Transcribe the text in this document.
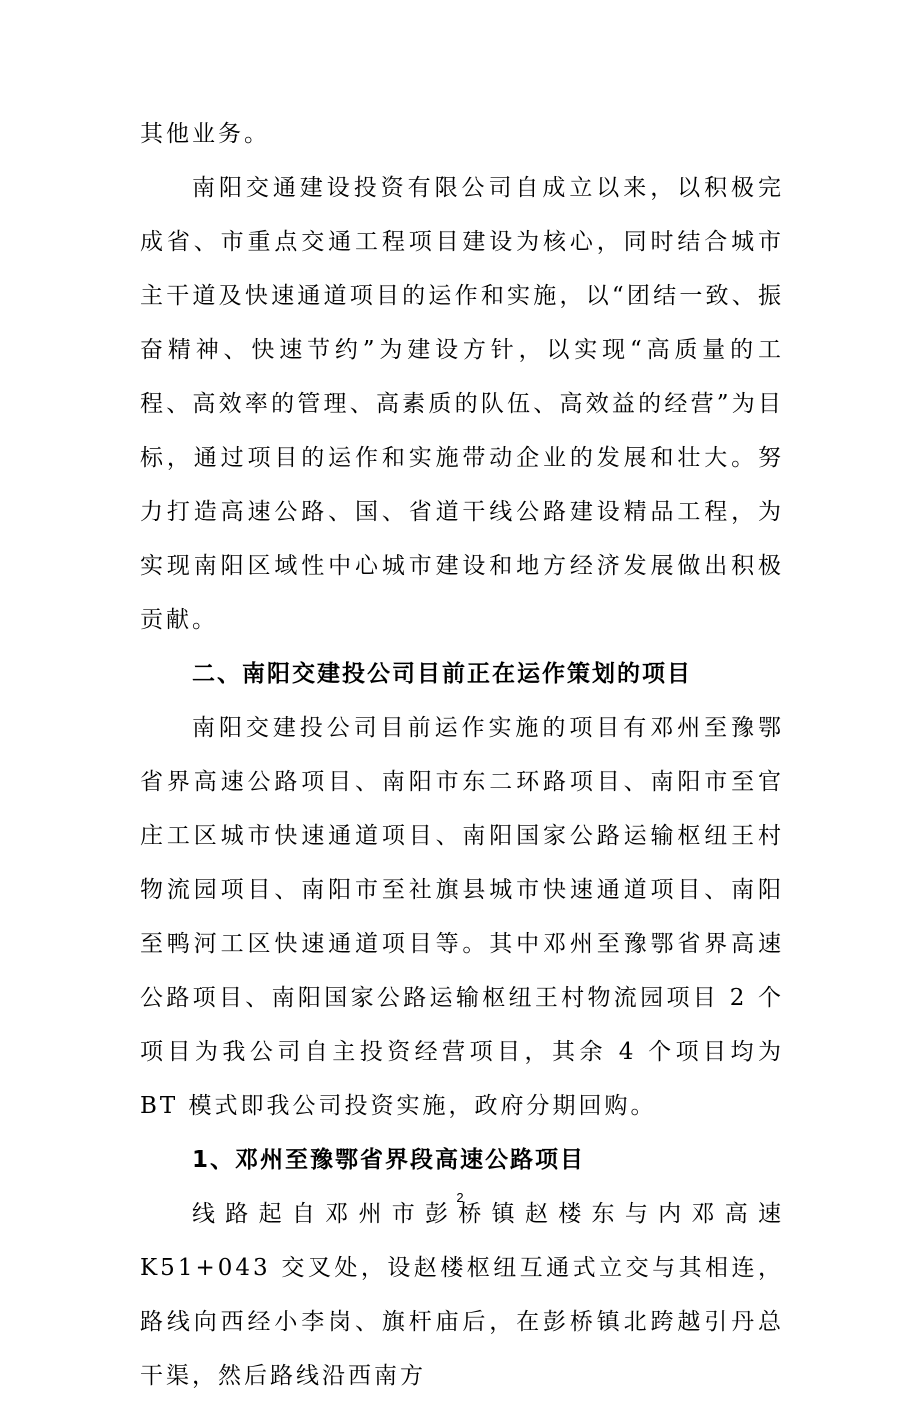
其他业务。

南阳交通建设投资有限公司自成立以来，以积极完成省、市重点交通工程项目建设为核心，同时结合城市主干道及快速通道项目的运作和实施，以“团结一致、振奋精神、快速节约”为建设方针，以实现“高质量的工程、高效率的管理、高素质的队伍、高效益的经营”为目标，通过项目的运作和实施带动企业的发展和壮大。努力打造高速公路、国、省道干线公路建设精品工程，为实现南阳区域性中心城市建设和地方经济发展做出积极贡献。

二、南阳交建投公司目前正在运作策划的项目

南阳交建投公司目前运作实施的项目有邓州至豫鄂省界高速公路项目、南阳市东二环路项目、南阳市至官庄工区城市快速通道项目、南阳国家公路运输枢纽王村物流园项目、南阳市至社旗县城市快速通道项目、南阳至鸭河工区快速通道项目等。其中邓州至豫鄂省界高速公路项目、南阳国家公路运输枢纽王村物流园项目 2 个项目为我公司自主投资经营项目，其余 4 个项目均为 BT 模式即我公司投资实施，政府分期回购。

1、邓州至豫鄂省界段高速公路项目

线路起自邓州市彭桥镇赵楼东与内邓高速 K51+043 交叉处，设赵楼枢纽互通式立交与其相连，路线向西经小李岗、旗杆庙后，在彭桥镇北跨越引丹总干渠，然后路线沿西南方

2
